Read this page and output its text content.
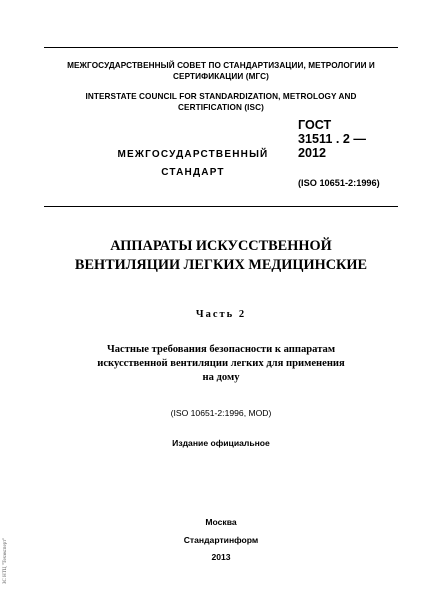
МЕЖГОСУДАРСТВЕННЫЙ СОВЕТ ПО СТАНДАРТИЗАЦИИ, МЕТРОЛОГИИ И
СЕРТИФИКАЦИИ (МГС)
INTERSTATE COUNCIL FOR STANDARDIZATION, METROLOGY AND
CERTIFICATION (ISC)
МЕЖГОСУДАРСТВЕННЫЙ
СТАНДАРТ
ГОСТ
31511 . 2 —
2012
(ISO 10651-2:1996)
АППАРАТЫ ИСКУССТВЕННОЙ
ВЕНТИЛЯЦИИ ЛЕГКИХ МЕДИЦИНСКИЕ
Часть 2
Частные требования безопасности к аппаратам
искусственной вентиляции легких для применения
на дому
(ISO 10651-2:1996, MOD)
Издание официальное
Москва
Стандартинформ
2013
ЗС НТЦ "Техэксперт"
